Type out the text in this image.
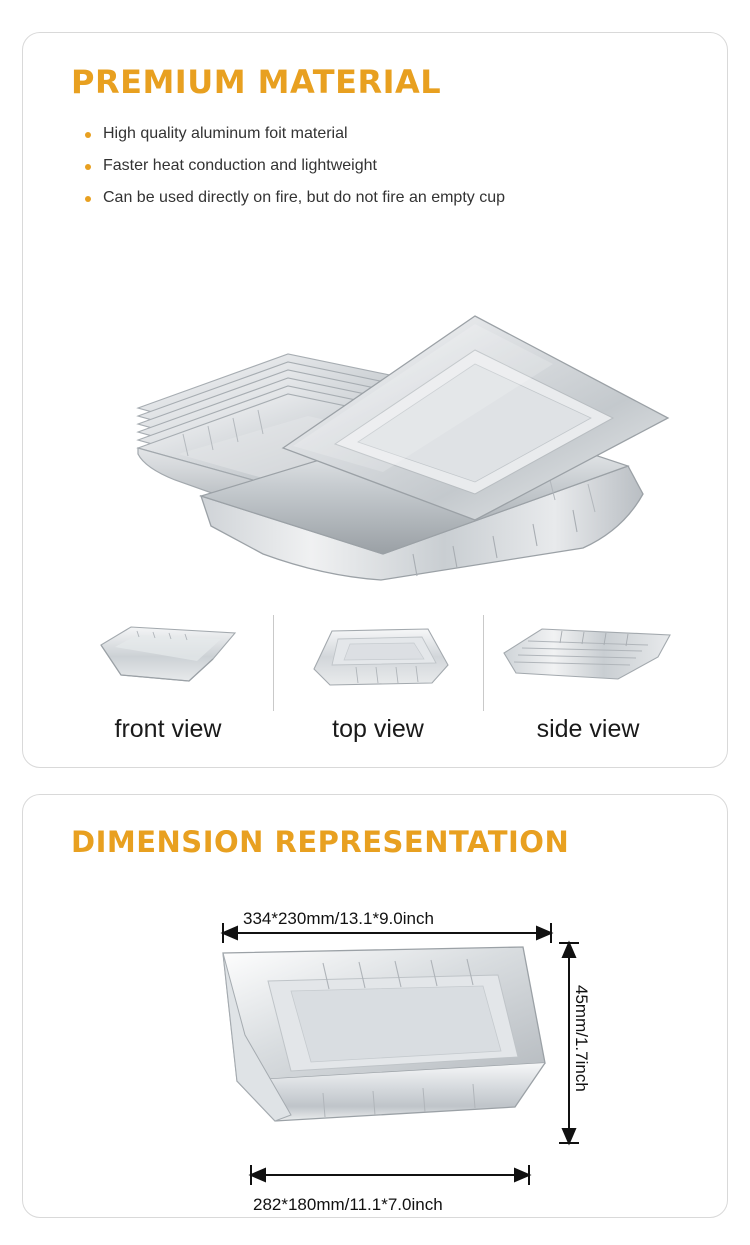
PREMIUM MATERIAL
High quality aluminum foit material
Faster heat conduction and lightweight
Can be used directly on fire, but do not fire an empty cup
front view	top view	side view
DIMENSION REPRESENTATION
334*230mm/13.1*9.0inch
282*180mm/11.1*7.0inch
45mm/1.7inch
